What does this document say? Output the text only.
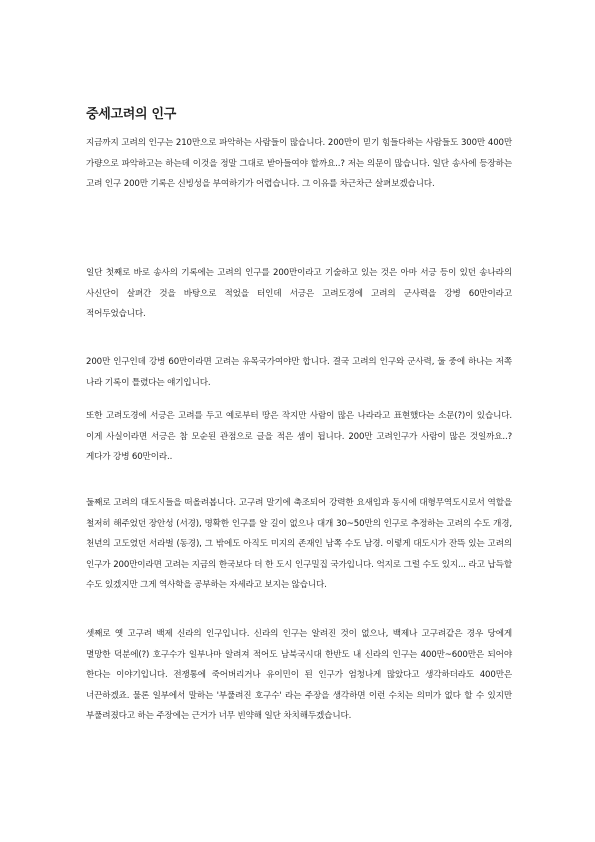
중세고려의 인구

지금까지 고려의 인구는 210만으로 파악하는 사람들이 많습니다. 200만이 믿기 힘들다하는 사람들도 300만 400만 가량으로 파악하고는 하는데 이것을 정말 그대로 받아들여야 할까요..? 저는 의문이 많습니다. 일단 송사에 등장하는 고려 인구 200만 기록은 신빙성을 부여하기가 어렵습니다. 그 이유를 차근차근 살펴보겠습니다.

일단 첫째로 바로 송사의 기록에는 고려의 인구를 200만이라고 기술하고 있는 것은 아마 서긍 등이 있던 송나라의 사신단이 살펴간 것을 바탕으로 적었을 터인데 서긍은 고려도경에 고려의 군사력을 강병 60만이라고 적어두었습니다.

200만 인구인데 강병 60만이라면 고려는 유목국가여야만 합니다. 결국 고려의 인구와 군사력, 둘 중에 하나는 저쪽 나라 기록이 틀렸다는 얘기입니다.

또한 고려도경에 서긍은 고려를 두고 예로부터 땅은 작지만 사람이 많은 나라라고 표현했다는 소문(?)이 있습니다. 이게 사실이라면 서긍은 참 모순된 관점으로 글을 적은 셈이 됩니다. 200만 고려인구가 사람이 많은 것일까요..? 게다가 강병 60만이라..

둘째로 고려의 대도시들을 떠올려봅니다. 고구려 말기에 축조되어 강력한 요새임과 동시에 대형무역도시로서 역할을 철저히 해주었던 장안성 (서경), 명확한 인구를 알 길이 없으나 대개 30~50만의 인구로 추정하는 고려의 수도 개경, 천년의 고도였던 서라벌 (동경), 그 밖에도 아직도 미지의 존재인 남쪽 수도 남경. 이렇게 대도시가 잔뜩 있는 고려의 인구가 200만이라면 고려는 지금의 한국보다 더 한 도시 인구밀집 국가입니다. 억지로 그럴 수도 있지... 라고 납득할 수도 있겠지만 그게 역사학을 공부하는 자세라고 보지는 않습니다.

셋째로 옛 고구려 백제 신라의 인구입니다. 신라의 인구는 알려진 것이 없으나, 백제나 고구려같은 경우 당에게 멸망한 덕분에(?) 호구수가 일부나마 알려져 적어도 남북국시대 한반도 내 신라의 인구는 400만~600만은 되어야 한다는 이야기입니다. 전쟁통에 죽어버리거나 유이민이 된 인구가 엄청나게 많았다고 생각하더라도 400만은 너끈하겠죠. 물론 일부에서 말하는 '부풀려진 호구수' 라는 주장을 생각하면 이런 수치는 의미가 없다 할 수 있지만 부풀려졌다고 하는 주장에는 근거가 너무 빈약해 일단 차치해두겠습니다.
